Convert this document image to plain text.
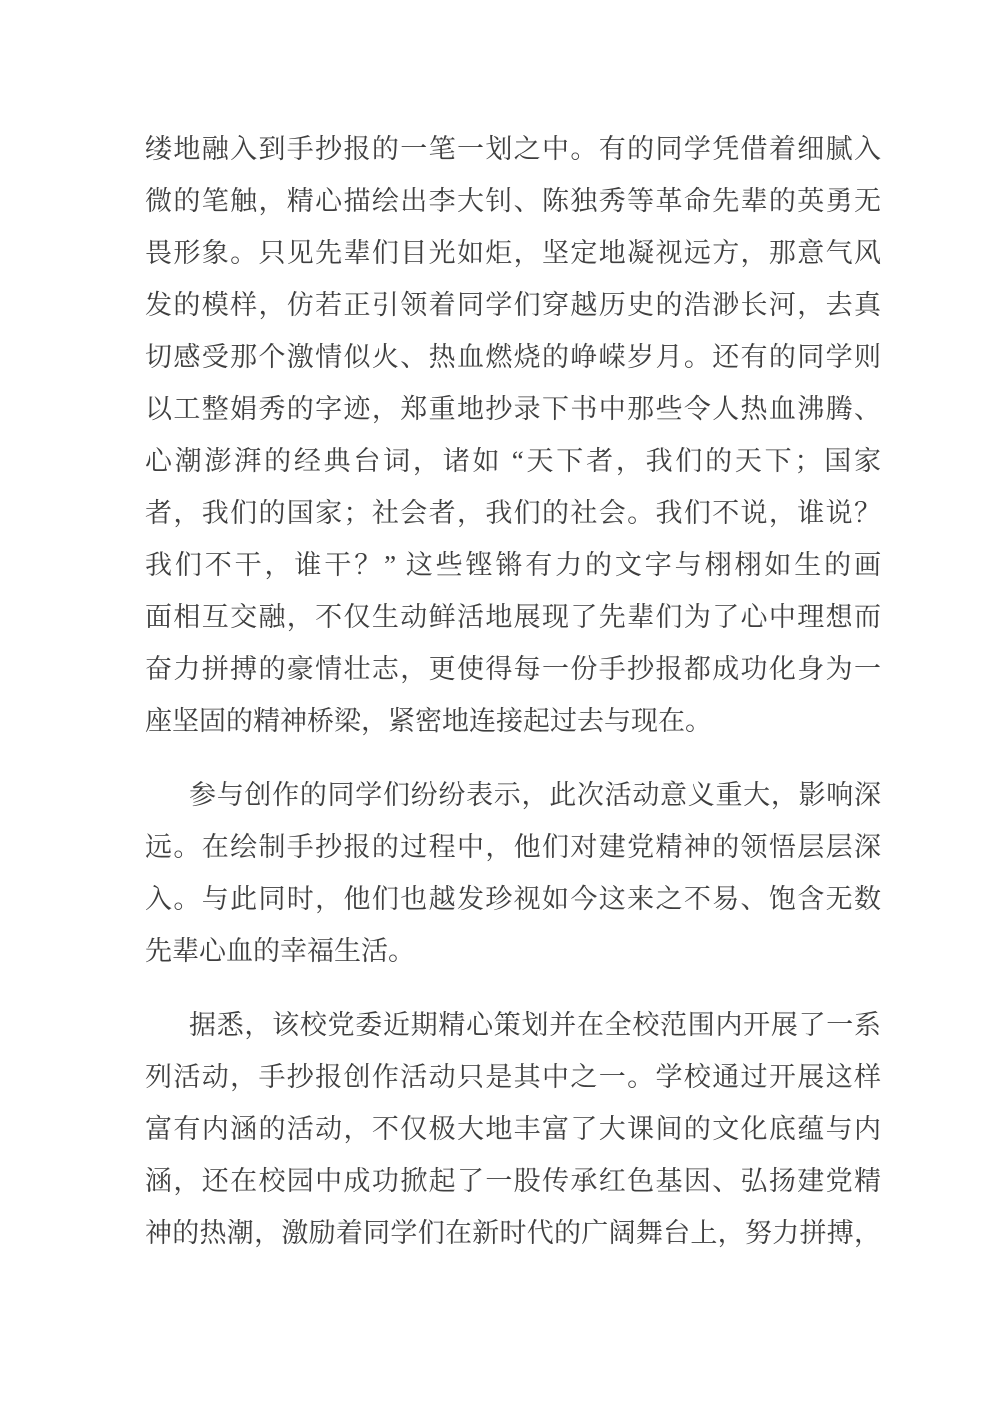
缕地融入到手抄报的一笔一划之中。有的同学凭借着细腻入
微的笔触，精心描绘出李大钊、陈独秀等革命先辈的英勇无
畏形象。只见先辈们目光如炬，坚定地凝视远方，那意气风
发的模样，仿若正引领着同学们穿越历史的浩渺长河，去真
切感受那个激情似火、热血燃烧的峥嵘岁月。还有的同学则
以工整娟秀的字迹，郑重地抄录下书中那些令人热血沸腾、
心潮澎湃的经典台词，诸如 “天下者，我们的天下；国家
者，我们的国家；社会者，我们的社会。我们不说，谁说？
我们不干，谁干？” 这些铿锵有力的文字与栩栩如生的画
面相互交融，不仅生动鲜活地展现了先辈们为了心中理想而
奋力拼搏的豪情壮志，更使得每一份手抄报都成功化身为一
座坚固的精神桥梁，紧密地连接起过去与现在。
参与创作的同学们纷纷表示，此次活动意义重大，影响深
远。在绘制手抄报的过程中，他们对建党精神的领悟层层深
入。与此同时，他们也越发珍视如今这来之不易、饱含无数
先辈心血的幸福生活。
据悉，该校党委近期精心策划并在全校范围内开展了一系
列活动，手抄报创作活动只是其中之一。学校通过开展这样
富有内涵的活动，不仅极大地丰富了大课间的文化底蕴与内
涵，还在校园中成功掀起了一股传承红色基因、弘扬建党精
神的热潮，激励着同学们在新时代的广阔舞台上，努力拼搏，
